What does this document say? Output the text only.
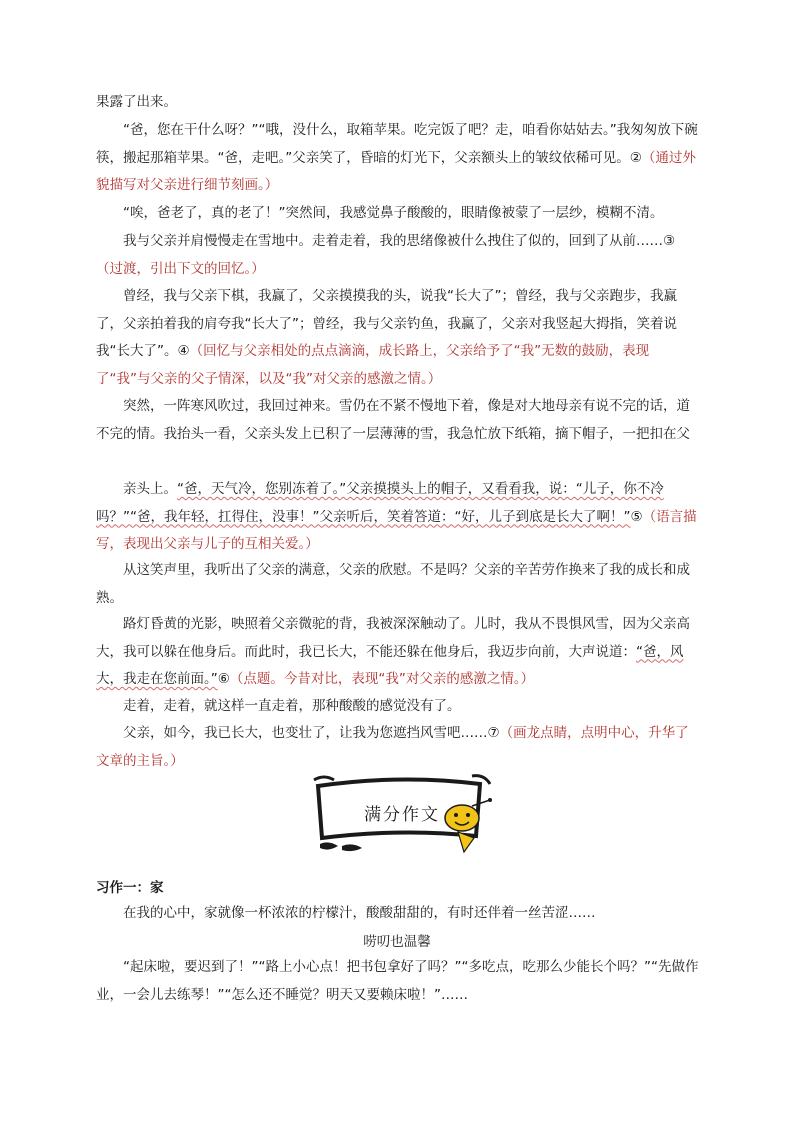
果露了出来。

“爸，您在干什么呀？”“哦，没什么，取箱苹果。吃完饭了吧？走，咱看你姑姑去。”我匆匆放下碗筷，搬起那箱苹果。“爸，走吧。”父亲笑了，昏暗的灯光下，父亲额头上的皱纹依稀可见。②（通过外貌描写对父亲进行细节刻画。）

“唉，爸老了，真的老了！”突然间，我感觉鼻子酸酸的，眼睛像被蒙了一层纱，模糊不清。

我与父亲并肩慢慢走在雪地中。走着走着，我的思绪像被什么拽住了似的，回到了从前……③（过渡，引出下文的回忆。）

曾经，我与父亲下棋，我赢了，父亲摸摸我的头，说我“长大了”；曾经，我与父亲跑步，我赢了，父亲拍着我的肩夸我“长大了”；曾经，我与父亲钓鱼，我赢了，父亲对我竖起大拇指，笑着说我“长大了”。④（回忆与父亲相处的点点滴滴，成长路上，父亲给予了“我”无数的鼓励，表现了“我”与父亲的父子情深，以及“我”对父亲的感激之情。）

突然，一阵寒风吹过，我回过神来。雪仍在不紧不慢地下着，像是对大地母亲有说不完的话，道不完的情。我抬头一看，父亲头发上已积了一层薄薄的雪，我急忙放下纸箱，摘下帽子，一把扣在父

亲头上。“爸，天气冷，您别冻着了。”父亲摸摸头上的帽子，又看看我，说：“儿子，你不冷吗？”“爸，我年轻，扛得住，没事！”父亲听后，笑着答道：“好，儿子到底是长大了啊！”⑤（语言描写，表现出父亲与儿子的互相关爱。）

从这笑声里，我听出了父亲的满意，父亲的欣慰。不是吗？父亲的辛苦劳作换来了我的成长和成熟。

路灯昏黄的光影，映照着父亲微驼的背，我被深深触动了。儿时，我从不畏惧风雪，因为父亲高大，我可以躲在他身后。而此时，我已长大，不能还躲在他身后，我迈步向前，大声说道：“爸，风大，我走在您前面。”⑥（点题。今昔对比，表现“我”对父亲的感激之情。）

走着，走着，就这样一直走着，那种酸酸的感觉没有了。

父亲，如今，我已长大，也变壮了，让我为您遮挡风雪吧……⑦（画龙点睛，点明中心，升华了文章的主旨。）

满分作文
习作一：家

在我的心中，家就像一杯浓浓的柠檬汁，酸酸甜甜的，有时还伴着一丝苦涩……

唠叨也温馨

“起床啦，要迟到了！”“路上小心点！把书包拿好了吗？”“多吃点，吃那么少能长个吗？”“先做作业，一会儿去练琴！”“怎么还不睡觉？明天又要赖床啦！”……
